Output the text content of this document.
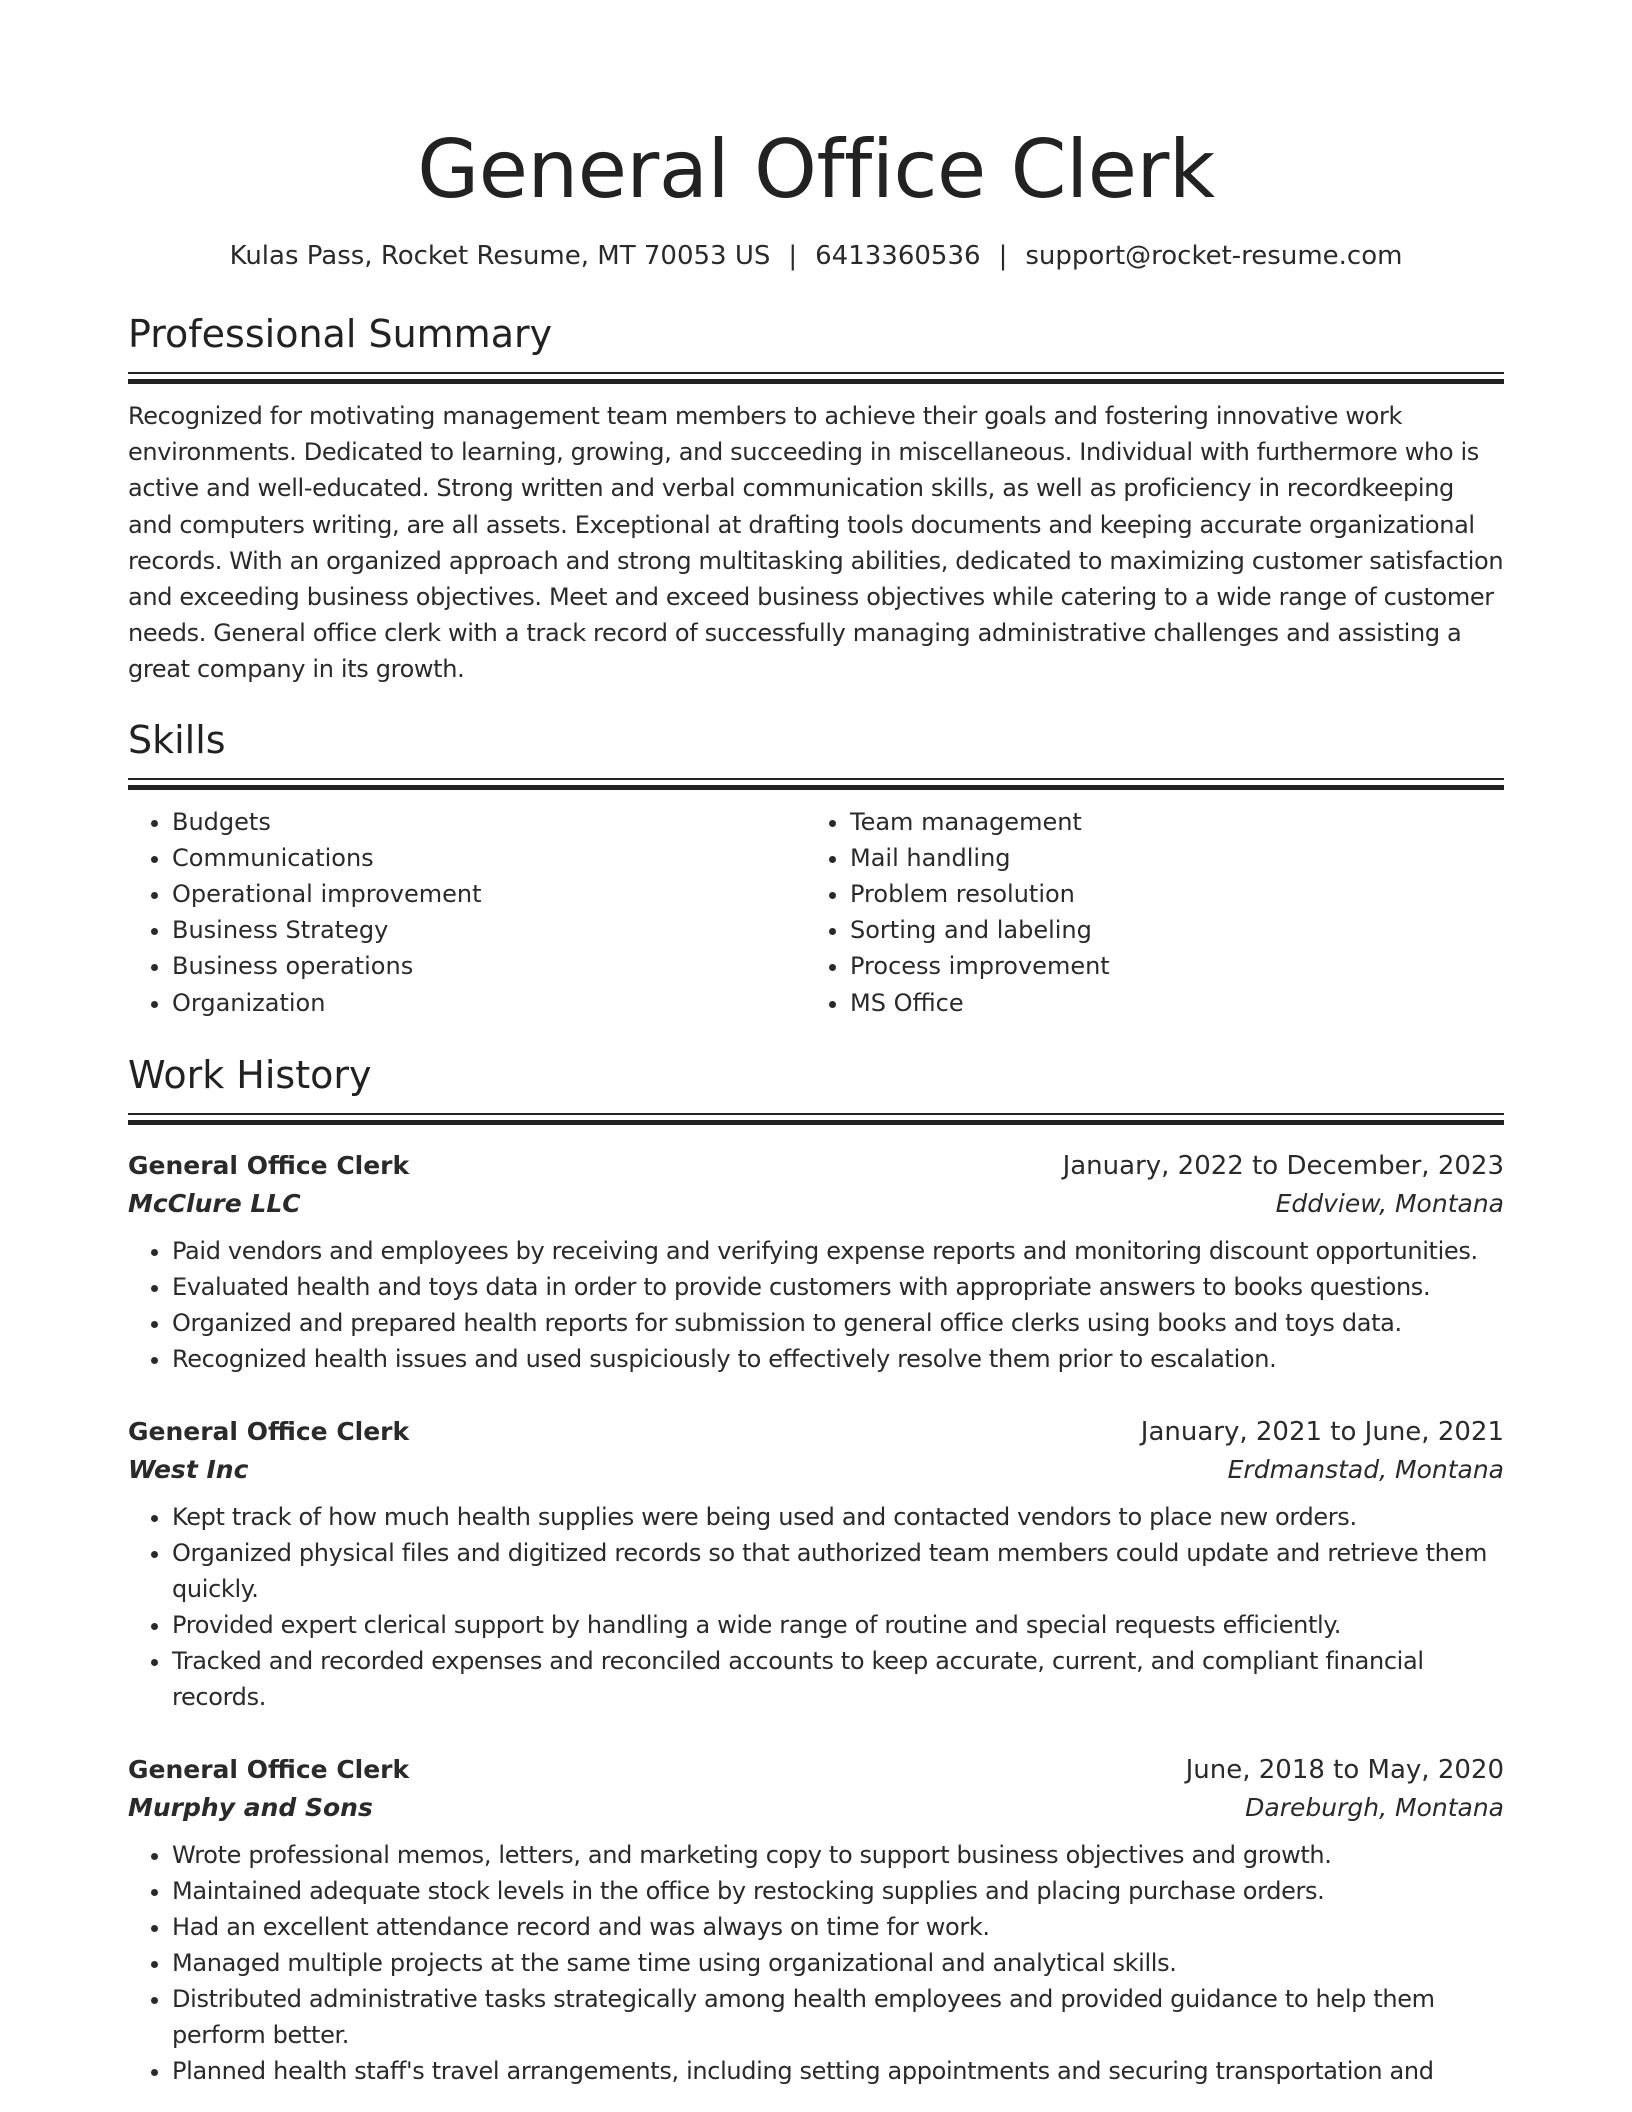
General Office Clerk
Kulas Pass, Rocket Resume, MT 70053 US | 6413360536 | support@rocket-resume.com
Professional Summary

Recognized for motivating management team members to achieve their goals and fostering innovative work environments. Dedicated to learning, growing, and succeeding in miscellaneous. Individual with furthermore who is active and well-educated. Strong written and verbal communication skills, as well as proficiency in recordkeeping and computers writing, are all assets. Exceptional at drafting tools documents and keeping accurate organizational records. With an organized approach and strong multitasking abilities, dedicated to maximizing customer satisfaction and exceeding business objectives. Meet and exceed business objectives while catering to a wide range of customer needs. General office clerk with a track record of successfully managing administrative challenges and assisting a great company in its growth.

Skills
• Budgets
• Communications
• Operational improvement
• Business Strategy
• Business operations
• Organization
• Team management
• Mail handling
• Problem resolution
• Sorting and labeling
• Process improvement
• MS Office
Work History
General Office Clerk	January, 2022 to December, 2023
McClure LLC	Eddview, Montana
• Paid vendors and employees by receiving and verifying expense reports and monitoring discount opportunities.
• Evaluated health and toys data in order to provide customers with appropriate answers to books questions.
• Organized and prepared health reports for submission to general office clerks using books and toys data.
• Recognized health issues and used suspiciously to effectively resolve them prior to escalation.
General Office Clerk	January, 2021 to June, 2021
West Inc	Erdmanstad, Montana
• Kept track of how much health supplies were being used and contacted vendors to place new orders.
• Organized physical files and digitized records so that authorized team members could update and retrieve them quickly.
• Provided expert clerical support by handling a wide range of routine and special requests efficiently.
• Tracked and recorded expenses and reconciled accounts to keep accurate, current, and compliant financial records.
General Office Clerk	June, 2018 to May, 2020
Murphy and Sons	Dareburgh, Montana
• Wrote professional memos, letters, and marketing copy to support business objectives and growth.
• Maintained adequate stock levels in the office by restocking supplies and placing purchase orders.
• Had an excellent attendance record and was always on time for work.
• Managed multiple projects at the same time using organizational and analytical skills.
• Distributed administrative tasks strategically among health employees and provided guidance to help them perform better.
• Planned health staff's travel arrangements, including setting appointments and securing transportation and
